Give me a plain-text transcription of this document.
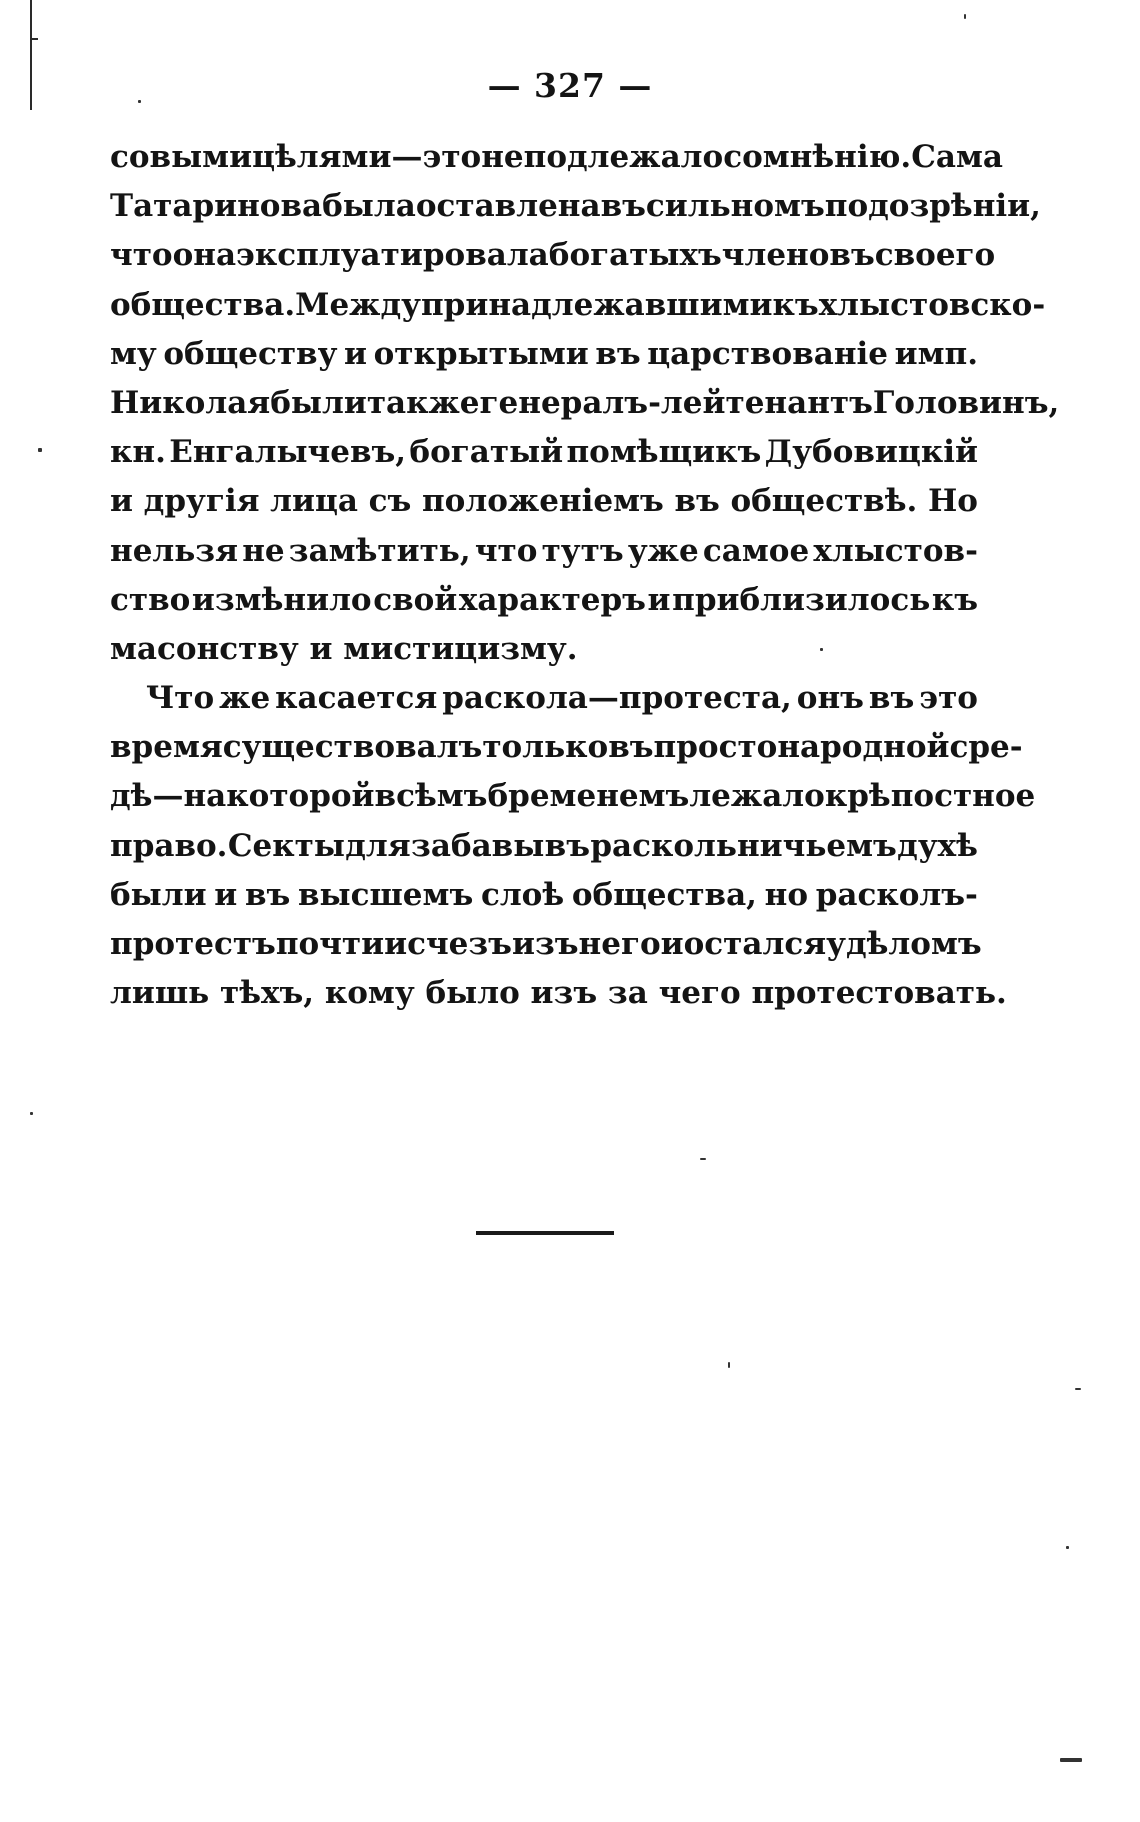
— 327 —
совыми цѣлями—это не подлежало сомнѣнію. Сама
Татаринова была оставлена въ сильномъ подозрѣніи,
что она эксплуатировала богатыхъ членовъ своего
общества. Между принадлежавшими къ хлыстовско-
му обществу и открытыми въ царствованіе имп.
Николая были также генералъ-лейтенантъ Головинъ,
кн. Енгалычевъ, богатый помѣщикъ Дубовицкій
и другія лица съ положеніемъ въ обществѣ. Но
нельзя не замѣтить, что тутъ уже самое хлыстов-
ство измѣнило свой характеръ и приблизилось къ
масонству и мистицизму.
Что же касается раскола—протеста, онъ въ это
время существовалъ только въ простонародной сре-
дѣ—на которой всѣмъ бременемъ лежало крѣпостное
право. Секты для забавы въ раскольничьемъ духѣ
были и въ высшемъ слоѣ общества, но расколъ-
протестъ почти исчезъ изъ него и остался удѣломъ
лишь тѣхъ, кому было изъ за чего протестовать.
